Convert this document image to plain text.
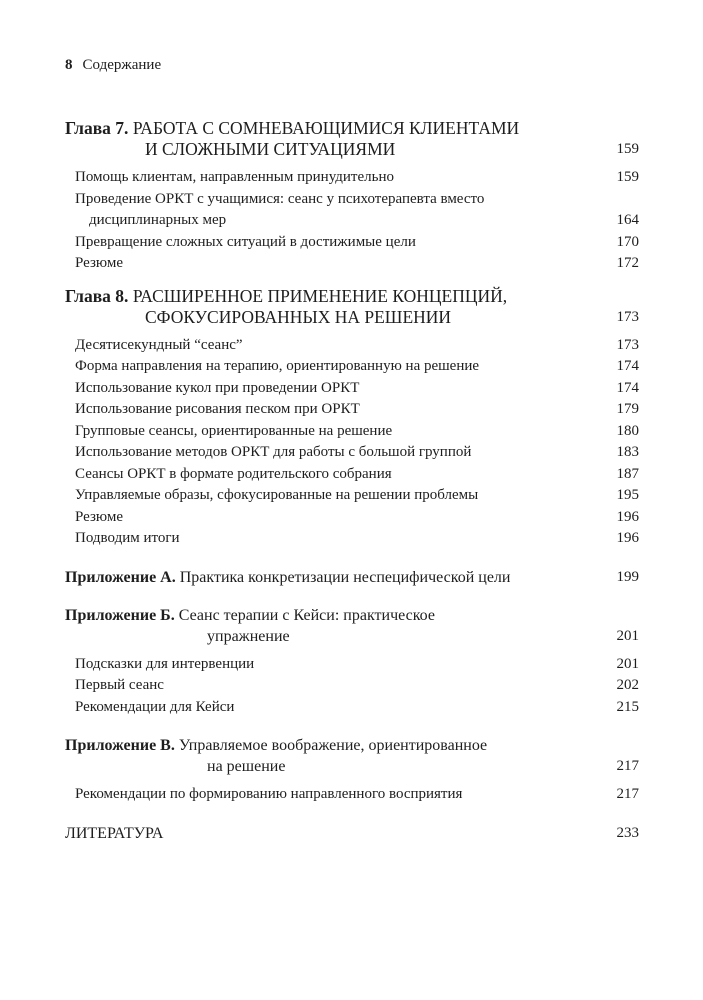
8 Содержание
Глава 7. РАБОТА С СОМНЕВАЮЩИМИСЯ КЛИЕНТАМИ
И СЛОЖНЫМИ СИТУАЦИЯМИ	159
Помощь клиентам, направленным принудительно	159
Проведение ОРКТ с учащимися: сеанс у психотерапевта вместо
дисциплинарных мер	164
Превращение сложных ситуаций в достижимые цели	170
Резюме	172
Глава 8. РАСШИРЕННОЕ ПРИМЕНЕНИЕ КОНЦЕПЦИЙ,
СФОКУСИРОВАННЫХ НА РЕШЕНИИ	173
Десятисекундный “сеанс”	173
Форма направления на терапию, ориентированную на решение	174
Использование кукол при проведении ОРКТ	174
Использование рисования песком при ОРКТ	179
Групповые сеансы, ориентированные на решение	180
Использование методов ОРКТ для работы с большой группой	183
Сеансы ОРКТ в формате родительского собрания	187
Управляемые образы, сфокусированные на решении проблемы	195
Резюме	196
Подводим итоги	196
Приложение А. Практика конкретизации неспецифической цели	199
Приложение Б. Сеанс терапии с Кейси: практическое
упражнение	201
Подсказки для интервенции	201
Первый сеанс	202
Рекомендации для Кейси	215
Приложение В. Управляемое воображение, ориентированное
на решение	217
Рекомендации по формированию направленного восприятия	217
ЛИТЕРАТУРА	233
